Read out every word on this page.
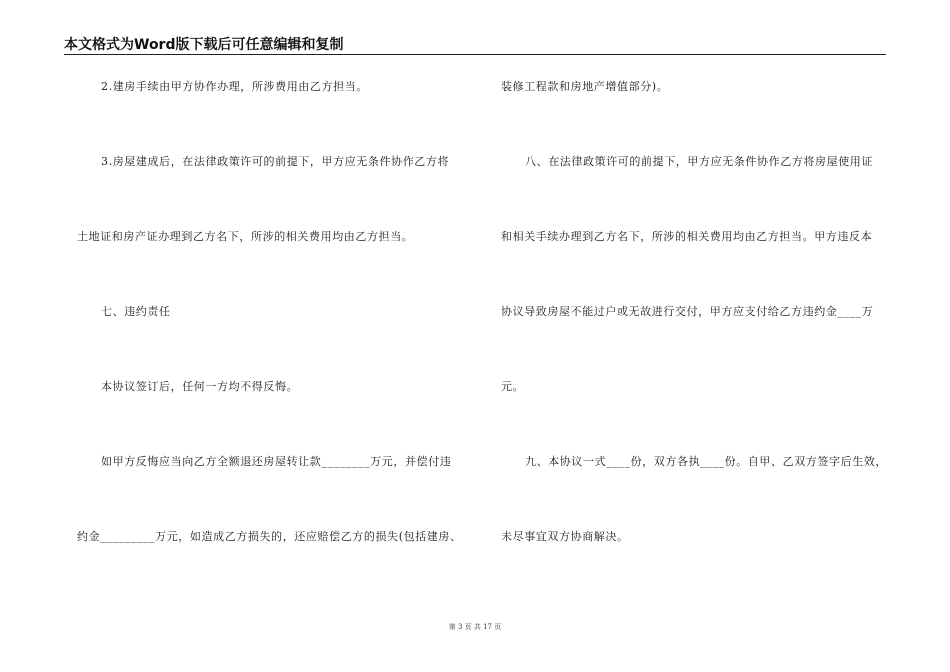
本文格式为Word版下载后可任意编辑和复制
2.建房手续由甲方协作办理，所涉费用由乙方担当。
3.房屋建成后，在法律政策许可的前提下，甲方应无条件协作乙方将
土地证和房产证办理到乙方名下，所涉的相关费用均由乙方担当。
七、违约责任
本协议签订后，任何一方均不得反悔。
如甲方反悔应当向乙方全额退还房屋转让款________万元，并偿付违
约金_________万元，如造成乙方损失的，还应赔偿乙方的损失(包括建房、
装修工程款和房地产增值部分)。
八、在法律政策许可的前提下，甲方应无条件协作乙方将房屋使用证
和相关手续办理到乙方名下，所涉的相关费用均由乙方担当。甲方违反本
协议导致房屋不能过户或无故进行交付，甲方应支付给乙方违约金____万
元。
九、本协议一式____份，双方各执____份。自甲、乙双方签字后生效，
未尽事宜双方协商解决。
第 3 页 共 17 页
